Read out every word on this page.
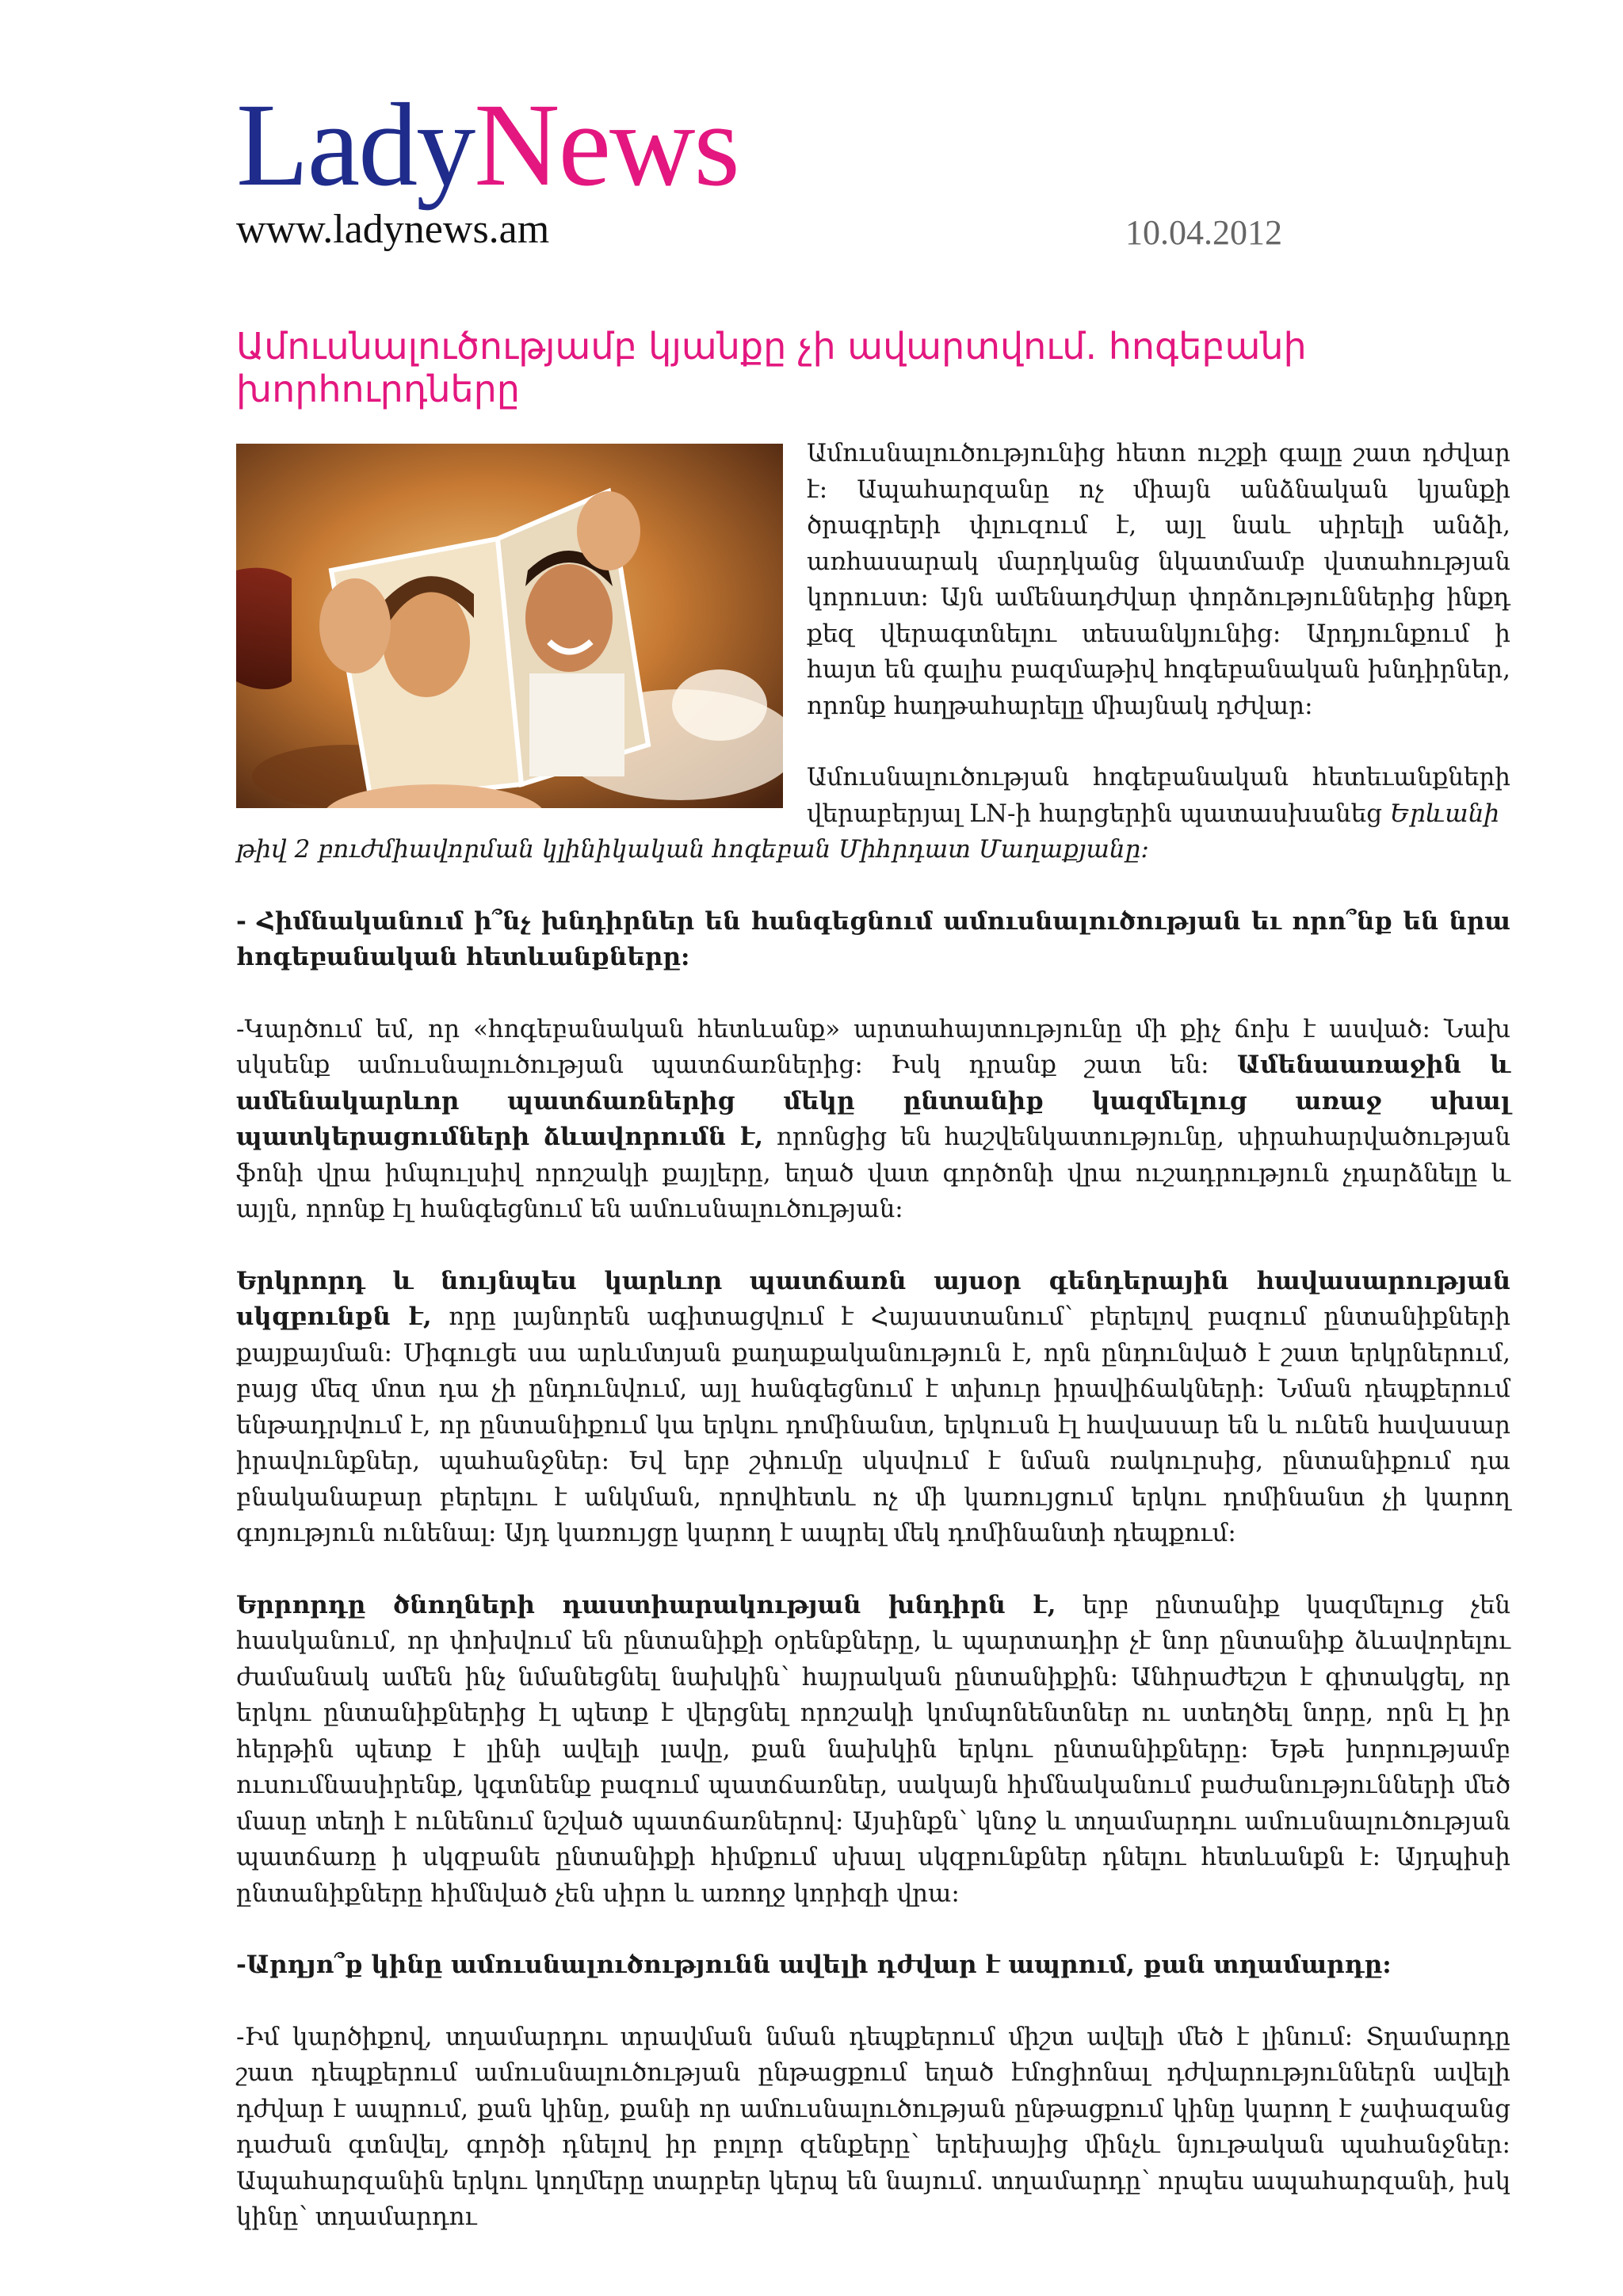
LadyNews
www.ladynews.am	10.04.2012
Ամուսնալուծությամբ կյանքը չի ավարտվում. հոգեբանի խորհուրդները

Ամուսնալուծությունից հետո ուշքի գալը շատ դժվար է: Ապահարզանը ոչ միայն անձնական կյանքի ծրագրերի փլուզում է, այլ նաև սիրելի անձի, առհասարակ մարդկանց նկատմամբ վստահության կորուստ: Այն ամենադժվար փորձություններից ինքդ քեզ վերագտնելու տեսանկյունից: Արդյունքում ի հայտ են գալիս բազմաթիվ հոգեբանական խնդիրներ, որոնք հաղթահարելը միայնակ դժվար:

Ամուսնալուծության հոգեբանական հետեւանքների վերաբերյալ LN-ի հարցերին պատասխանեց Երևանի

թիվ 2 բուժմիավորման կլինիկական հոգեբան Միհրդատ Մաղաքյանը:

- Հիմնականում ի՞նչ խնդիրներ են հանգեցնում ամուսնալուծության եւ որո՞նք են նրա հոգեբանական հետևանքները:

-Կարծում եմ, որ «հոգեբանական հետևանք» արտահայտությունը մի քիչ ճոխ է ասված: Նախ սկսենք ամուսնալուծության պատճառներից: Իսկ դրանք շատ են: Ամենաառաջին և ամենակարևոր պատճառներից մեկը ընտանիք կազմելուց առաջ սխալ պատկերացումների ձևավորումն է, որոնցից են հաշվենկատությունը, սիրահարվածության ֆոնի վրա իմպուլսիվ որոշակի քայլերը, եղած վատ գործոնի վրա ուշադրություն չդարձնելը և այլն, որոնք էլ հանգեցնում են ամուսնալուծության:

Երկրորդ և նույնպես կարևոր պատճառն այսօր գենդերային հավասարության սկզբունքն է, որը լայնորեն ագիտացվում է Հայաստանում՝ բերելով բազում ընտանիքների քայքայման: Միգուցե սա արևմտյան քաղաքականություն է, որն ընդունված է շատ երկրներում, բայց մեզ մոտ դա չի ընդունվում, այլ հանգեցնում է տխուր իրավիճակների: Նման դեպքերում ենթադրվում է, որ ընտանիքում կա երկու դոմինանտ, երկուսն էլ հավասար են և ունեն հավասար իրավունքներ, պահանջներ: Եվ երբ շփումը սկսվում է նման ռակուրսից, ընտանիքում դա բնականաբար բերելու է անկման, որովհետև ոչ մի կառույցում երկու դոմինանտ չի կարող գոյություն ունենալ: Այդ կառույցը կարող է ապրել մեկ դոմինանտի դեպքում:

Երրորդը ծնողների դաստիարակության խնդիրն է, երբ ընտանիք կազմելուց չեն հասկանում, որ փոխվում են ընտանիքի օրենքները, և պարտադիր չէ նոր ընտանիք ձևավորելու ժամանակ ամեն ինչ նմանեցնել նախկին՝ հայրական ընտանիքին: Անհրաժեշտ է գիտակցել, որ երկու ընտանիքներից էլ պետք է վերցնել որոշակի կոմպոնենտներ ու ստեղծել նորը, որն էլ իր հերթին պետք է լինի ավելի լավը, քան նախկին երկու ընտանիքները: Եթե խորությամբ ուսումնասիրենք, կգտնենք բազում պատճառներ, սակայն հիմնականում բաժանությունների մեծ մասը տեղի է ունենում նշված պատճառներով: Այսինքն՝ կնոջ և տղամարդու ամուսնալուծության պատճառը ի սկզբանե ընտանիքի հիմքում սխալ սկզբունքներ դնելու հետևանքն է: Այդպիսի ընտանիքները հիմնված չեն սիրո և առողջ կորիզի վրա:

-Արդյո՞ք կինը ամուսնալուծությունն ավելի դժվար է ապրում, քան տղամարդը:

-Իմ կարծիքով, տղամարդու տրավման նման դեպքերում միշտ ավելի մեծ է լինում: Տղամարդը շատ դեպքերում ամուսնալուծության ընթացքում եղած էմոցիոնալ դժվարություններն ավելի դժվար է ապրում, քան կինը, քանի որ ամուսնալուծության ընթացքում կինը կարող է չափազանց դաժան գտնվել, գործի դնելով իր բոլոր զենքերը՝ երեխայից մինչև նյութական պահանջներ: Ապահարզանին երկու կողմերը տարբեր կերպ են նայում. տղամարդը՝ որպես ապահարզանի, իսկ կինը՝ տղամարդու
